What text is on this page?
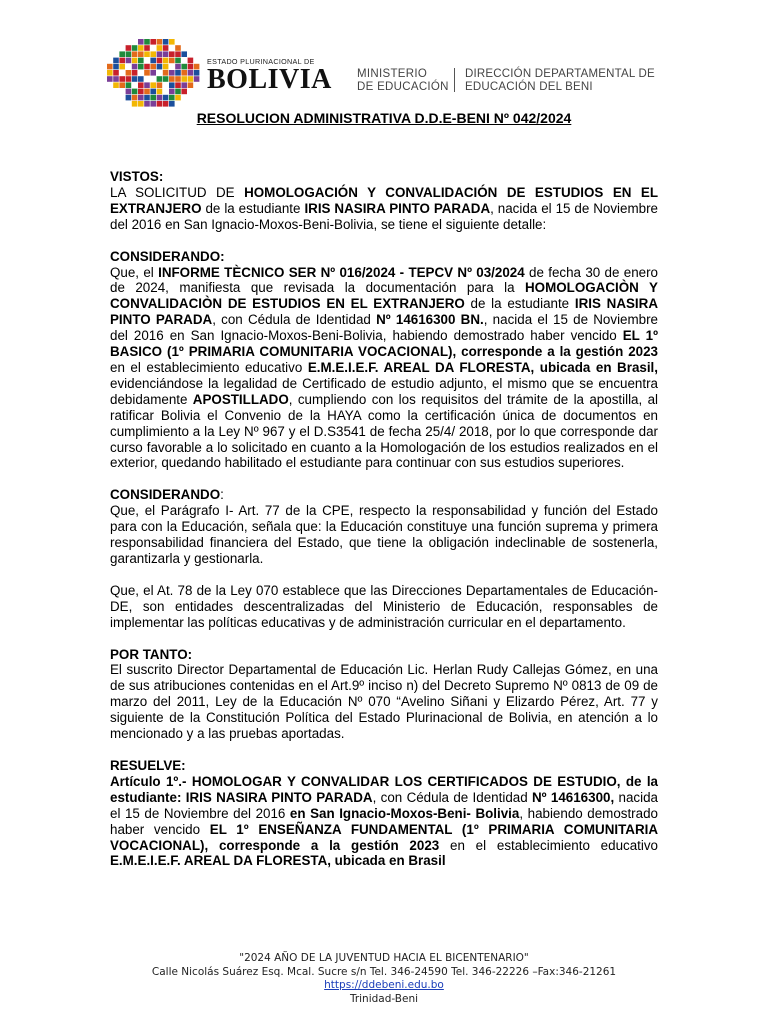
ESTADO PLURINACIONAL DE
BOLIVIA MINISTERIO
DE EDUCACIÓN
DIRECCIÓN DEPARTAMENTAL DE
EDUCACIÓN DEL BENI
RESOLUCION ADMINISTRATIVA D.D.E-BENI Nº 042/2024
VISTOS:

LA SOLICITUD DE HOMOLOGACIÓN Y CONVALIDACIÓN DE ESTUDIOS EN EL EXTRANJERO de la estudiante IRIS NASIRA PINTO PARADA, nacida el 15 de Noviembre del 2016 en San Ignacio-Moxos-Beni-Bolivia, se tiene el siguiente detalle:

CONSIDERANDO:

Que, el INFORME TÈCNICO SER Nº 016/2024 - TEPCV Nº 03/2024 de fecha 30 de enero de 2024, manifiesta que revisada la documentación para la HOMOLOGACIÒN Y CONVALIDACIÒN DE ESTUDIOS EN EL EXTRANJERO de la estudiante IRIS NASIRA PINTO PARADA, con Cédula de Identidad Nº 14616300 BN., nacida el 15 de Noviembre del 2016 en San Ignacio-Moxos-Beni-Bolivia, habiendo demostrado haber vencido EL 1º BASICO (1º PRIMARIA COMUNITARIA VOCACIONAL), corresponde a la gestión 2023 en el establecimiento educativo E.M.E.I.E.F. AREAL DA FLORESTA, ubicada en Brasil, evidenciándose la legalidad de Certificado de estudio adjunto, el mismo que se encuentra debidamente APOSTILLADO, cumpliendo con los requisitos del trámite de la apostilla, al ratificar Bolivia el Convenio de la HAYA como la certificación única de documentos en cumplimiento a la Ley Nº 967 y el D.S3541 de fecha 25/4/ 2018, por lo que corresponde dar curso favorable a lo solicitado en cuanto a la Homologación de los estudios realizados en el exterior, quedando habilitado el estudiante para continuar con sus estudios superiores.

CONSIDERANDO:

Que, el Parágrafo I- Art. 77 de la CPE, respecto la responsabilidad y función del Estado para con la Educación, señala que: la Educación constituye una función suprema y primera responsabilidad financiera del Estado, que tiene la obligación indeclinable de sostenerla, garantizarla y gestionarla.

Que, el At. 78 de la Ley 070 establece que las Direcciones Departamentales de Educación- DE, son entidades descentralizadas del Ministerio de Educación, responsables de implementar las políticas educativas y de administración curricular en el departamento.

POR TANTO:

El suscrito Director Departamental de Educación Lic. Herlan Rudy Callejas Gómez, en una de sus atribuciones contenidas en el Art.9º inciso n) del Decreto Supremo Nº 0813 de 09 de marzo del 2011, Ley de la Educación Nº 070 “Avelino Siñani y Elizardo Pérez, Art. 77 y siguiente de la Constitución Política del Estado Plurinacional de Bolivia, en atención a lo mencionado y a las pruebas aportadas.

RESUELVE:

Artículo 1º.- HOMOLOGAR Y CONVALIDAR LOS CERTIFICADOS DE ESTUDIO, de la estudiante: IRIS NASIRA PINTO PARADA, con Cédula de Identidad Nº 14616300, nacida el 15 de Noviembre del 2016 en San Ignacio-Moxos-Beni- Bolivia, habiendo demostrado haber vencido EL 1º ENSEÑANZA FUNDAMENTAL (1º PRIMARIA COMUNITARIA VOCACIONAL), corresponde a la gestión 2023 en el establecimiento educativo E.M.E.I.E.F. AREAL DA FLORESTA, ubicada en Brasil

"2024 AÑO DE LA JUVENTUD HACIA EL BICENTENARIO"
Calle Nicolás Suárez Esq. Mcal. Sucre s/n Tel. 346-24590 Tel. 346-22226 –Fax:346-21261
https://ddebeni.edu.bo
Trinidad-Beni
